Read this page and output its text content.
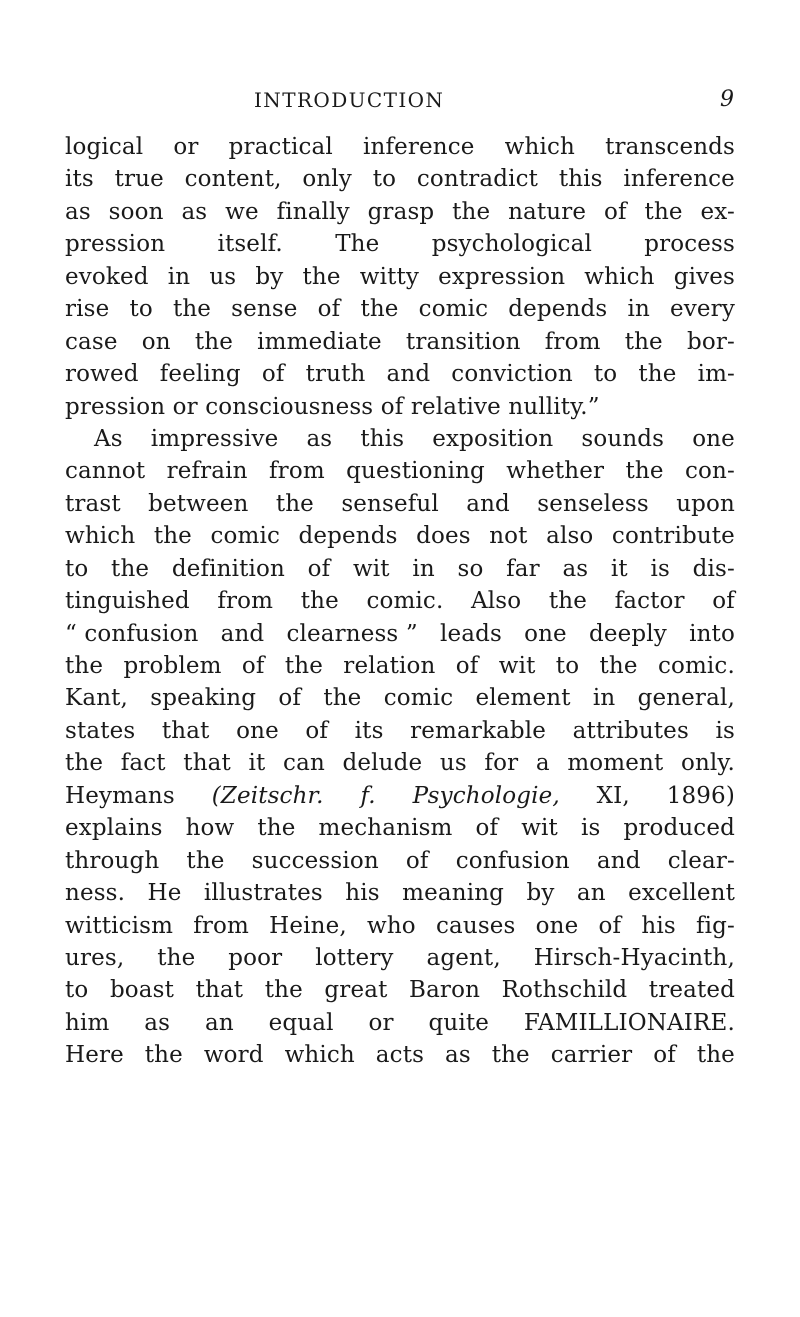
INTRODUCTION	9
logical or practical inference which transcends
its true content, only to contradict this inference
as soon as we finally grasp the nature of the ex-
pression itself. The psychological process
evoked in us by the witty expression which gives
rise to the sense of the comic depends in every
case on the immediate transition from the bor-
rowed feeling of truth and conviction to the im-
pression or consciousness of relative nullity.”
As impressive as this exposition sounds one
cannot refrain from questioning whether the con-
trast between the senseful and senseless upon
which the comic depends does not also contribute
to the definition of wit in so far as it is dis-
tinguished from the comic. Also the factor of
“ confusion and clearness ” leads one deeply into
the problem of the relation of wit to the comic.
Kant, speaking of the comic element in general,
states that one of its remarkable attributes is
the fact that it can delude us for a moment only.
Heymans (Zeitschr. f. Psychologie, XI, 1896)
explains how the mechanism of wit is produced
through the succession of confusion and clear-
ness. He illustrates his meaning by an excellent
witticism from Heine, who causes one of his fig-
ures, the poor lottery agent, Hirsch-Hyacinth,
to boast that the great Baron Rothschild treated
him as an equal or quite FAMILLIONAIRE.
Here the word which acts as the carrier of the
